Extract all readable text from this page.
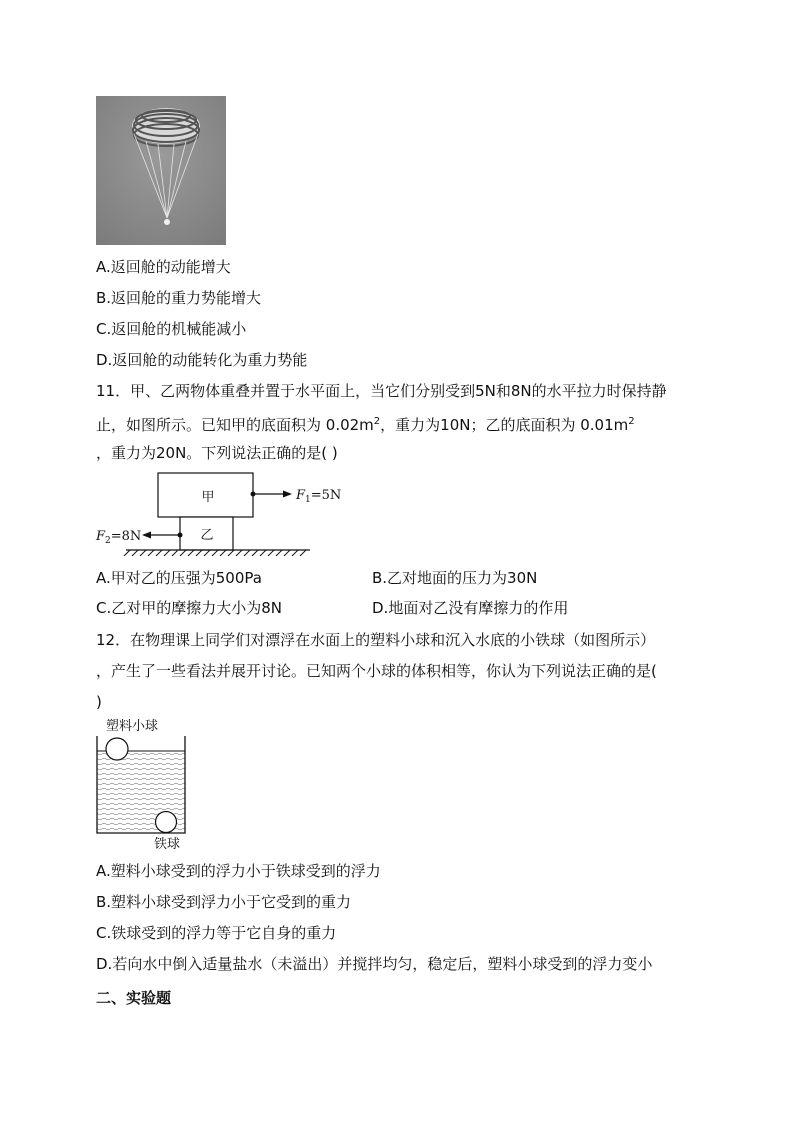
A.返回舱的动能增大
B.返回舱的重力势能增大
C.返回舱的机械能减小
D.返回舱的动能转化为重力势能
11．甲、乙两物体重叠并置于水平面上，当它们分别受到5N和8N的水平拉力时保持静
止，如图所示。已知甲的底面积为 $0.02m^2$，重力为10N；乙的底面积为 $0.01m^2$
，重力为20N。下列说法正确的是( )
甲
乙
$F_1=5N$
$F_2=8N$
A.甲对乙的压强为500Pa	B.乙对地面的压力为30N
C.乙对甲的摩擦力大小为8N	D.地面对乙没有摩擦力的作用
12．在物理课上同学们对漂浮在水面上的塑料小球和沉入水底的小铁球（如图所示）
，产生了一些看法并展开讨论。已知两个小球的体积相等，你认为下列说法正确的是(
)
塑料小球
铁球
A.塑料小球受到的浮力小于铁球受到的浮力
B.塑料小球受到浮力小于它受到的重力
C.铁球受到的浮力等于它自身的重力
D.若向水中倒入适量盐水（未溢出）并搅拌均匀，稳定后，塑料小球受到的浮力变小
二、实验题
